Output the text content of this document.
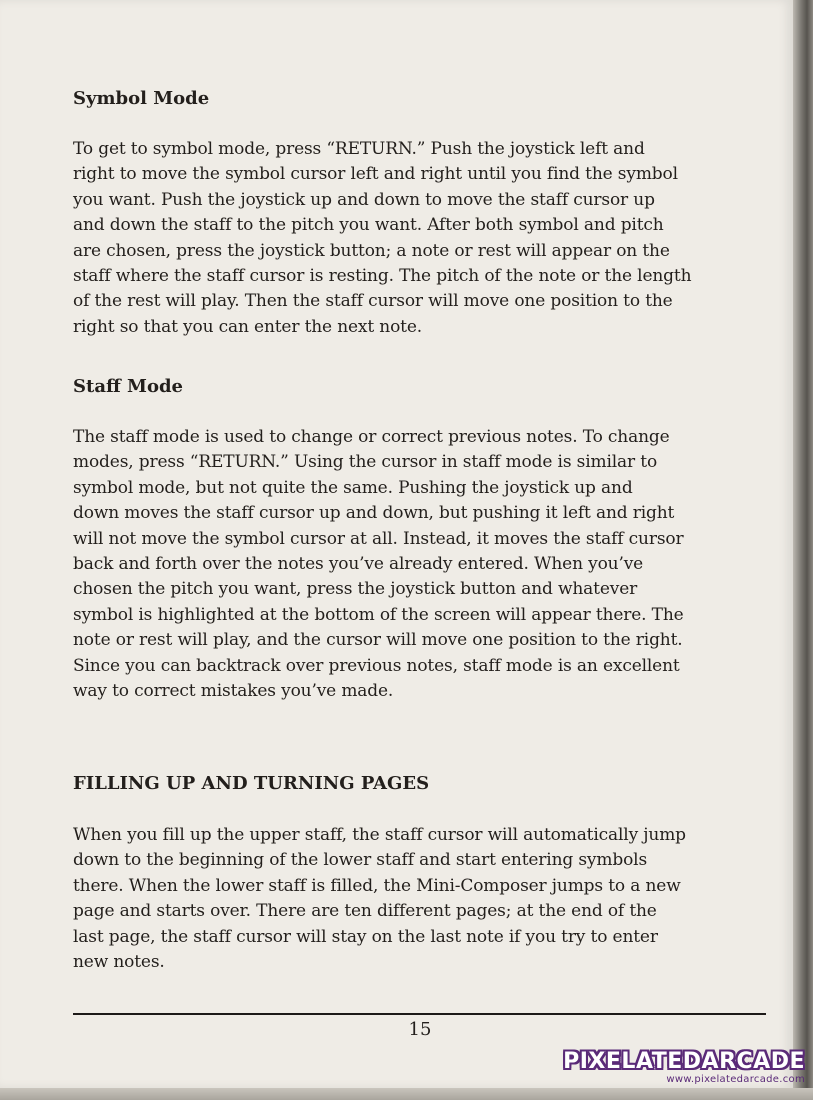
Symbol Mode

To get to symbol mode, press “RETURN.” Push the joystick left and
right to move the symbol cursor left and right until you find the symbol
you want. Push the joystick up and down to move the staff cursor up
and down the staff to the pitch you want. After both symbol and pitch
are chosen, press the joystick button; a note or rest will appear on the
staff where the staff cursor is resting. The pitch of the note or the length
of the rest will play. Then the staff cursor will move one position to the
right so that you can enter the next note.

Staff Mode

The staff mode is used to change or correct previous notes. To change
modes, press “RETURN.” Using the cursor in staff mode is similar to
symbol mode, but not quite the same. Pushing the joystick up and
down moves the staff cursor up and down, but pushing it left and right
will not move the symbol cursor at all. Instead, it moves the staff cursor
back and forth over the notes you’ve already entered. When you’ve
chosen the pitch you want, press the joystick button and whatever
symbol is highlighted at the bottom of the screen will appear there. The
note or rest will play, and the cursor will move one position to the right.
Since you can backtrack over previous notes, staff mode is an excellent
way to correct mistakes you’ve made.

FILLING UP AND TURNING PAGES

When you fill up the upper staff, the staff cursor will automatically jump
down to the beginning of the lower staff and start entering symbols
there. When the lower staff is filled, the Mini-Composer jumps to a new
page and starts over. There are ten different pages; at the end of the
last page, the staff cursor will stay on the last note if you try to enter
new notes.

15
PIXELATEDARCADE
www.pixelatedarcade.com
